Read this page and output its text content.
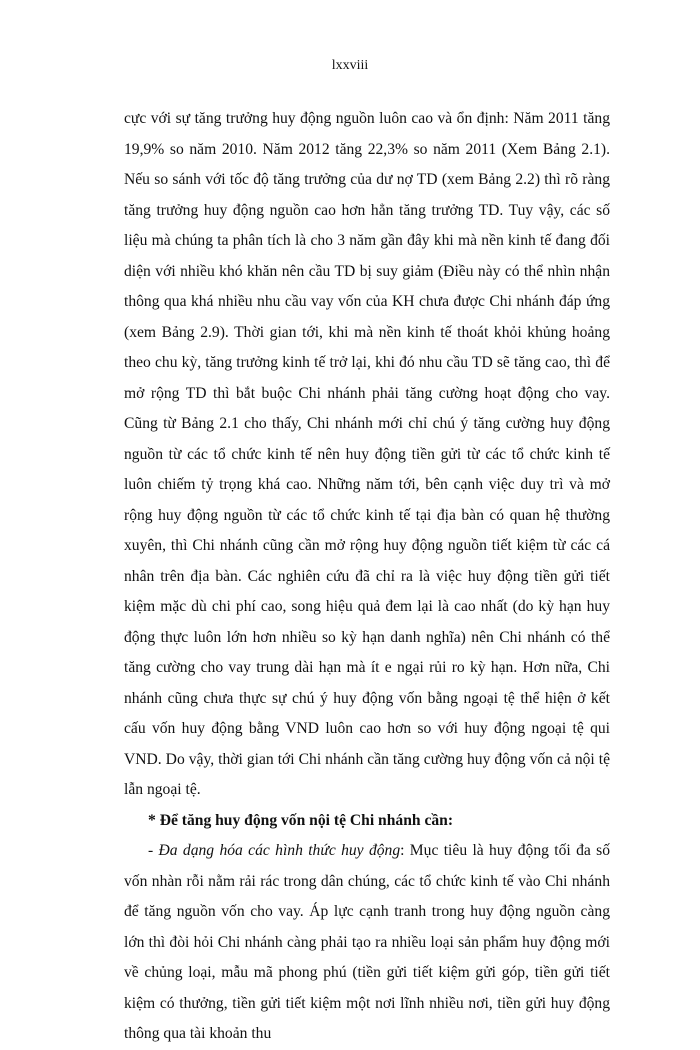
lxxviii

cực với sự tăng trưởng huy động nguồn luôn cao và ổn định: Năm 2011 tăng 19,9% so năm 2010. Năm 2012 tăng 22,3% so năm 2011 (Xem Bảng 2.1). Nếu so sánh với tốc độ tăng trưởng của dư nợ TD (xem Bảng 2.2) thì rõ ràng tăng trưởng huy động nguồn cao hơn hẳn tăng trưởng TD. Tuy vậy, các số liệu mà chúng ta phân tích là cho 3 năm gần đây khi mà nền kinh tế đang đối diện với nhiều khó khăn nên cầu TD bị suy giảm (Điều này có thể nhìn nhận thông qua khá nhiều nhu cầu vay vốn của KH chưa được Chi nhánh đáp ứng (xem Bảng 2.9). Thời gian tới, khi mà nền kinh tế thoát khỏi khủng hoảng theo chu kỳ, tăng trưởng kinh tế trở lại, khi đó nhu cầu TD sẽ tăng cao, thì để mở rộng TD thì bắt buộc Chi nhánh phải tăng cường hoạt động cho vay. Cũng từ Bảng 2.1 cho thấy, Chi nhánh mới chỉ chú ý tăng cường huy động nguồn từ các tổ chức kinh tế nên huy động tiền gửi từ các tổ chức kinh tế luôn chiếm tỷ trọng khá cao. Những năm tới, bên cạnh việc duy trì và mở rộng huy động nguồn từ các tổ chức kinh tế tại địa bàn có quan hệ thường xuyên, thì Chi nhánh cũng cần mở rộng huy động nguồn tiết kiệm từ các cá nhân trên địa bàn. Các nghiên cứu đã chỉ ra là việc huy động tiền gửi tiết kiệm mặc dù chi phí cao, song hiệu quả đem lại là cao nhất (do kỳ hạn huy động thực luôn lớn hơn nhiều so kỳ hạn danh nghĩa) nên Chi nhánh có thể tăng cường cho vay trung dài hạn mà ít e ngại rủi ro kỳ hạn. Hơn nữa, Chi nhánh cũng chưa thực sự chú ý huy động vốn bằng ngoại tệ thể hiện ở kết cấu vốn huy động bằng VND luôn cao hơn so với huy động ngoại tệ qui VND. Do vậy, thời gian tới Chi nhánh cần tăng cường huy động vốn cả nội tệ lẫn ngoại tệ.

* Để tăng huy động vốn nội tệ Chi nhánh cần:

- Đa dạng hóa các hình thức huy động: Mục tiêu là huy động tối đa số vốn nhàn rỗi nằm rải rác trong dân chúng, các tổ chức kinh tế vào Chi nhánh để tăng nguồn vốn cho vay. Áp lực cạnh tranh trong huy động nguồn càng lớn thì đòi hỏi Chi nhánh càng phải tạo ra nhiều loại sản phẩm huy động mới về chủng loại, mẫu mã phong phú (tiền gửi tiết kiệm gửi góp, tiền gửi tiết kiệm có thưởng, tiền gửi tiết kiệm một nơi lĩnh nhiều nơi, tiền gửi huy động thông qua tài khoản thu
